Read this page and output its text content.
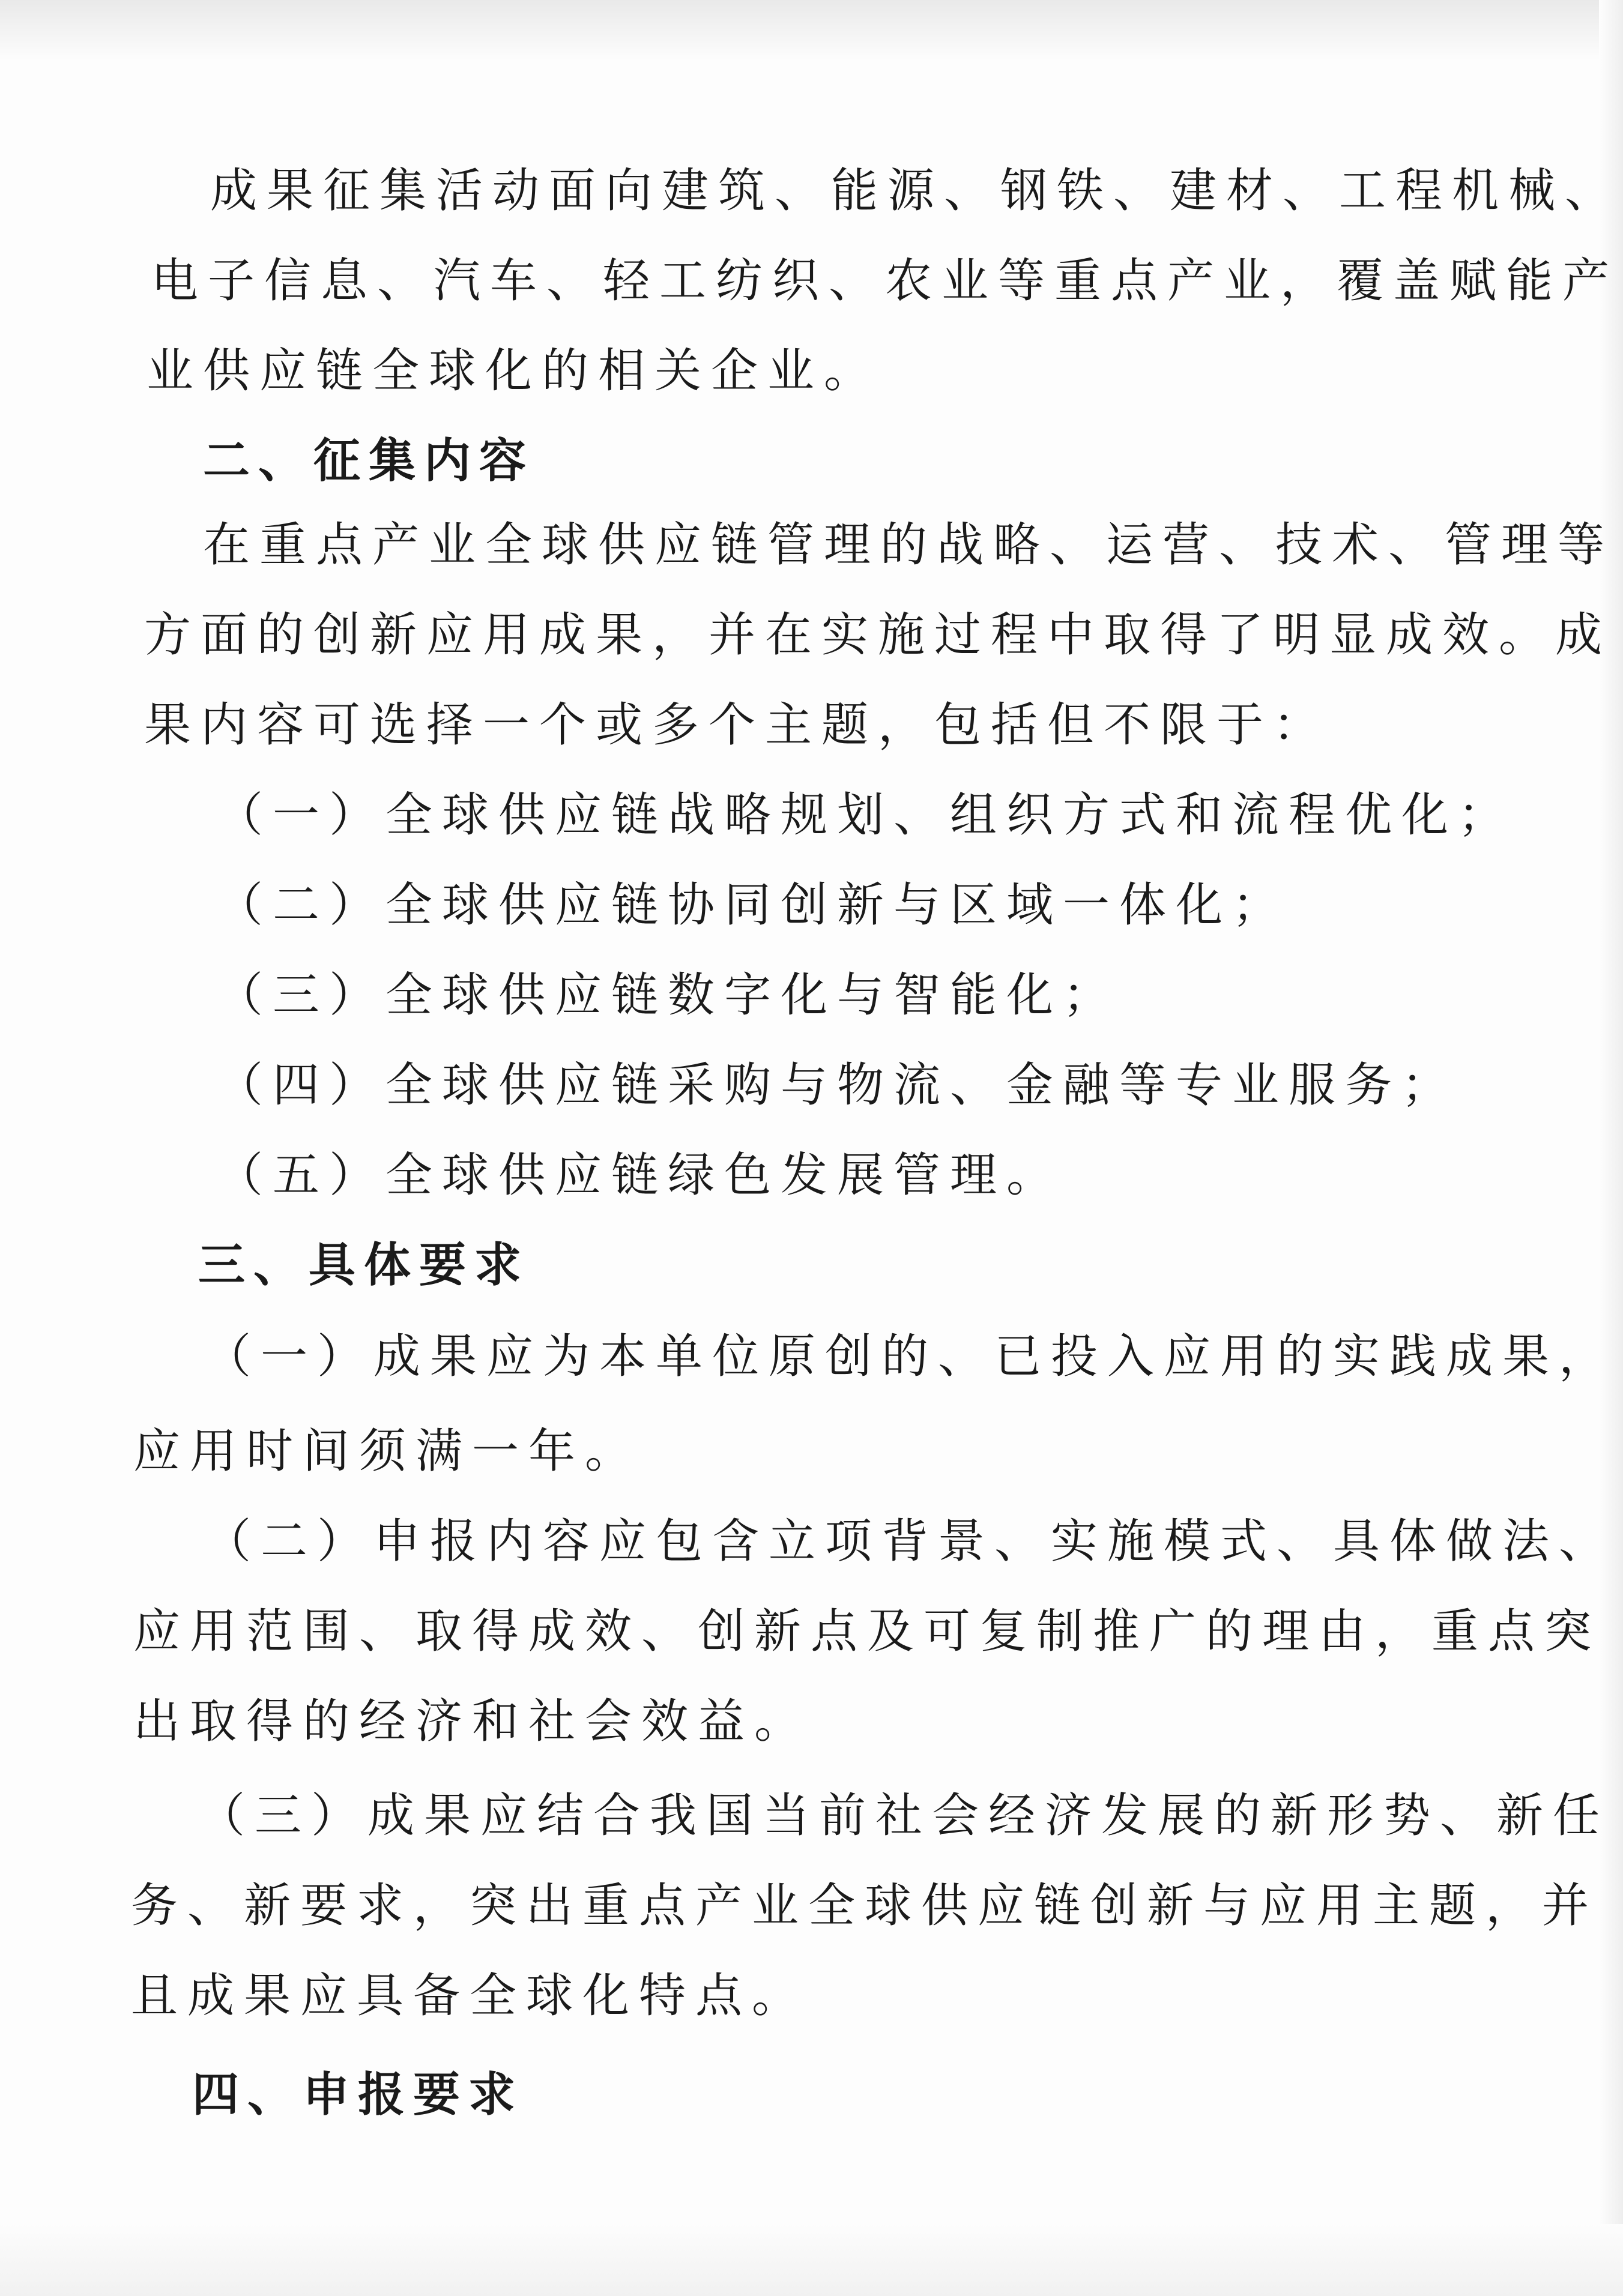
成果征集活动面向建筑、能源、钢铁、建材、工程机械、
电子信息、汽车、轻工纺织、农业等重点产业，覆盖赋能产
业供应链全球化的相关企业。
二、征集内容
在重点产业全球供应链管理的战略、运营、技术、管理等
方面的创新应用成果，并在实施过程中取得了明显成效。成
果内容可选择一个或多个主题，包括但不限于：
（一）全球供应链战略规划、组织方式和流程优化；
（二）全球供应链协同创新与区域一体化；
（三）全球供应链数字化与智能化；
（四）全球供应链采购与物流、金融等专业服务；
（五）全球供应链绿色发展管理。
三、具体要求
（一）成果应为本单位原创的、已投入应用的实践成果，
应用时间须满一年。
（二）申报内容应包含立项背景、实施模式、具体做法、
应用范围、取得成效、创新点及可复制推广的理由，重点突
出取得的经济和社会效益。
（三）成果应结合我国当前社会经济发展的新形势、新任
务、新要求，突出重点产业全球供应链创新与应用主题，并
且成果应具备全球化特点。
四、申报要求
